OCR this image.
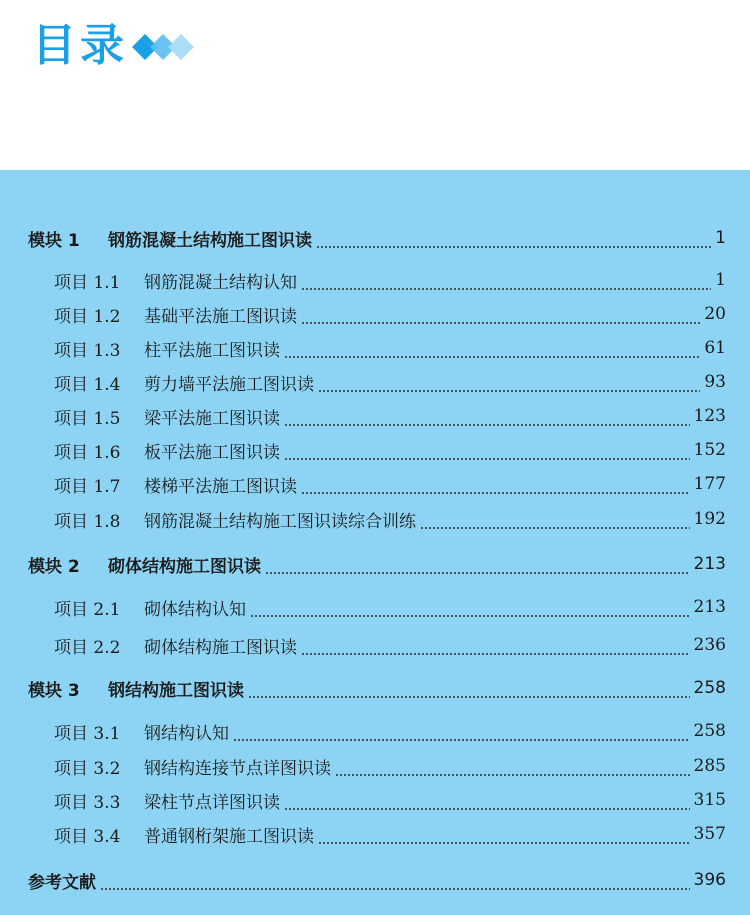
目录
模块 1	钢筋混凝土结构施工图识读	1
项目 1.1	钢筋混凝土结构认知	1
项目 1.2	基础平法施工图识读	20
项目 1.3	柱平法施工图识读	61
项目 1.4	剪力墙平法施工图识读	93
项目 1.5	梁平法施工图识读	123
项目 1.6	板平法施工图识读	152
项目 1.7	楼梯平法施工图识读	177
项目 1.8	钢筋混凝土结构施工图识读综合训练	192
模块 2	砌体结构施工图识读	213
项目 2.1	砌体结构认知	213
项目 2.2	砌体结构施工图识读	236
模块 3	钢结构施工图识读	258
项目 3.1	钢结构认知	258
项目 3.2	钢结构连接节点详图识读	285
项目 3.3	梁柱节点详图识读	315
项目 3.4	普通钢桁架施工图识读	357
参考文献	396
